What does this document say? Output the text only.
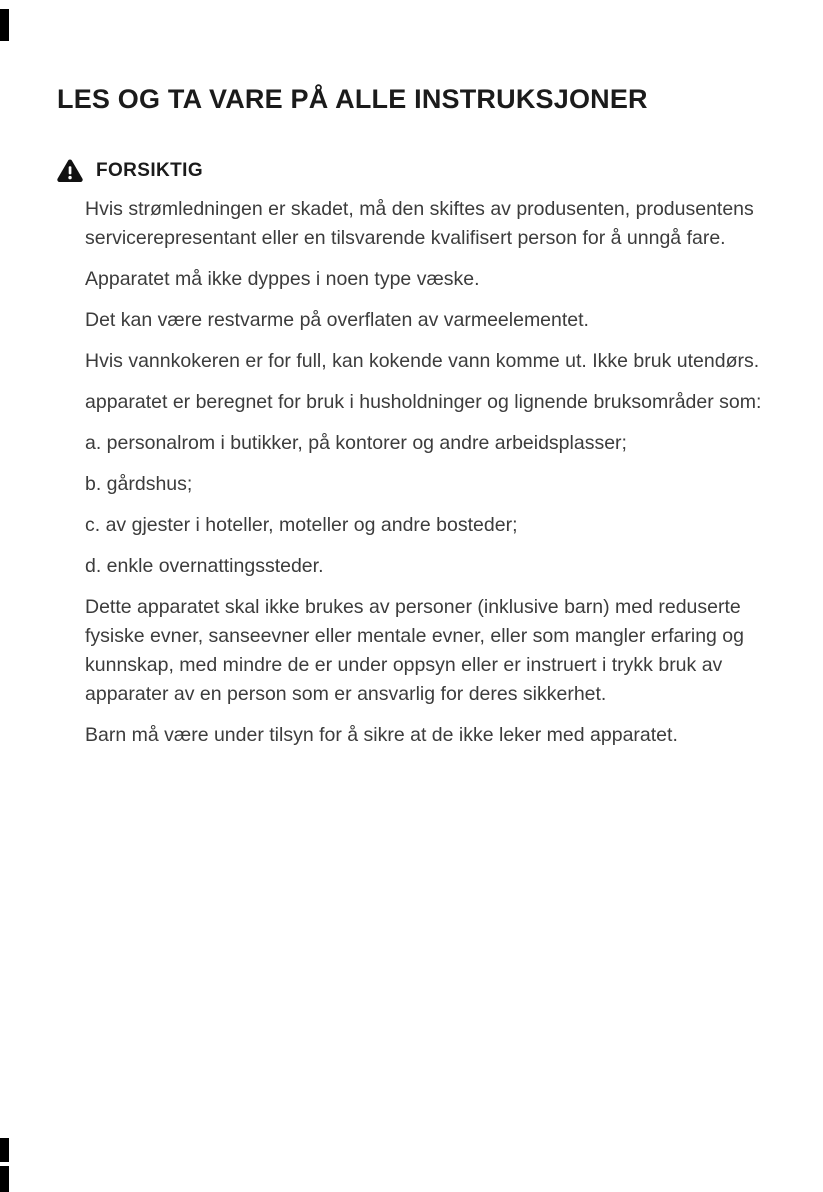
LES OG TA VARE PÅ ALLE INSTRUKSJONER
FORSIKTIG

Hvis strømledningen er skadet, må den skiftes av produsenten, produsentens servicerepresentant eller en tilsvarende kvalifisert person for å unngå fare.

Apparatet må ikke dyppes i noen type væske.

Det kan være restvarme på overflaten av varmeelementet.

Hvis vannkokeren er for full, kan kokende vann komme ut. Ikke bruk utendørs.

apparatet er beregnet for bruk i husholdninger og lignende bruksområder som:

a. personalrom i butikker, på kontorer og andre arbeidsplasser;

b. gårdshus;

c. av gjester i hoteller, moteller og andre bosteder;

d. enkle overnattingssteder.

Dette apparatet skal ikke brukes av personer (inklusive barn) med reduserte fysiske evner, sanseevner eller mentale evner, eller som mangler erfaring og kunnskap, med mindre de er under oppsyn eller er instruert i trykk bruk av apparater av en person som er ansvarlig for deres sikkerhet.

Barn må være under tilsyn for å sikre at de ikke leker med apparatet.
